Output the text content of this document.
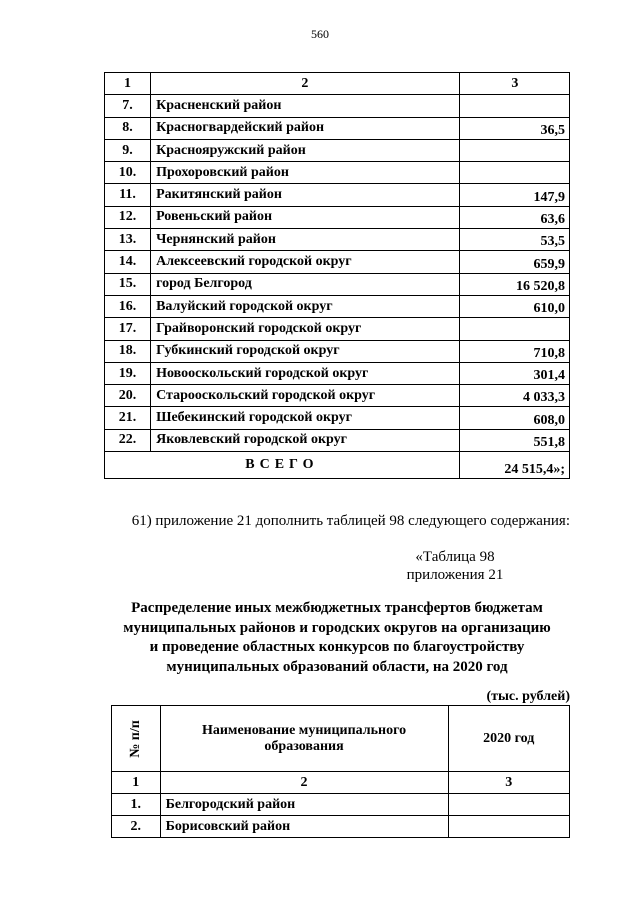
560
1	2	3
7.	Красненский район	
8.	Красногвардейский район	36,5
9.	Краснояружский район	
10.	Прохоровский район	
11.	Ракитянский район	147,9
12.	Ровеньский район	63,6
13.	Чернянский район	53,5
14.	Алексеевский городской округ	659,9
15.	город Белгород	16 520,8
16.	Валуйский городской округ	610,0
17.	Грайворонский городской округ	
18.	Губкинский городской округ	710,8
19.	Новооскольский городской округ	301,4
20.	Старооскольский городской округ	4 033,3
21.	Шебекинский городской округ	608,0
22.	Яковлевский городской округ	551,8
ВСЕГО		24 515,4»;
61) приложение 21 дополнить таблицей 98 следующего содержания:
«Таблица 98
приложения 21
Распределение иных межбюджетных трансфертов бюджетам
муниципальных районов и городских округов на организацию
и проведение областных конкурсов по благоустройству
муниципальных образований области, на 2020 год
(тыс. рублей)
№ п/п	Наименование муниципального образования	2020 год
1	2	3
1.	Белгородский район	
2.	Борисовский район	
